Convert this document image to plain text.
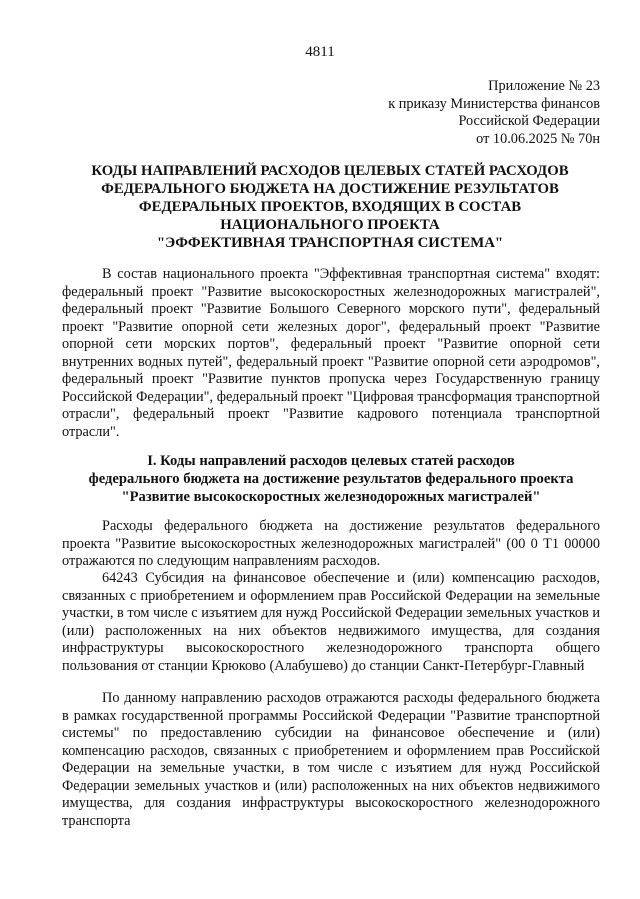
4811
Приложение № 23
к приказу Министерства финансов
Российской Федерации
от 10.06.2025 № 70н
КОДЫ НАПРАВЛЕНИЙ РАСХОДОВ ЦЕЛЕВЫХ СТАТЕЙ РАСХОДОВ
ФЕДЕРАЛЬНОГО БЮДЖЕТА НА ДОСТИЖЕНИЕ РЕЗУЛЬТАТОВ
ФЕДЕРАЛЬНЫХ ПРОЕКТОВ, ВХОДЯЩИХ В СОСТАВ
НАЦИОНАЛЬНОГО ПРОЕКТА
"ЭФФЕКТИВНАЯ ТРАНСПОРТНАЯ СИСТЕМА"

В состав национального проекта "Эффективная транспортная система" входят: федеральный проект "Развитие высокоскоростных железнодорожных магистралей", федеральный проект "Развитие Большого Северного морского пути", федеральный проект "Развитие опорной сети железных дорог", федеральный проект "Развитие опорной сети морских портов", федеральный проект "Развитие опорной сети внутренних водных путей", федеральный проект "Развитие опорной сети аэродромов", федеральный проект "Развитие пунктов пропуска через Государственную границу Российской Федерации", федеральный проект "Цифровая трансформация транспортной отрасли", федеральный проект "Развитие кадрового потенциала транспортной отрасли".

I. Коды направлений расходов целевых статей расходов
федерального бюджета на достижение результатов федерального проекта
"Развитие высокоскоростных железнодорожных магистралей"

Расходы федерального бюджета на достижение результатов федерального проекта "Развитие высокоскоростных железнодорожных магистралей" (00 0 Т1 00000 отражаются по следующим направлениям расходов.

64243 Субсидия на финансовое обеспечение и (или) компенсацию расходов, связанных с приобретением и оформлением прав Российской Федерации на земельные участки, в том числе с изъятием для нужд Российской Федерации земельных участков и (или) расположенных на них объектов недвижимого имущества, для создания инфраструктуры высокоскоростного железнодорожного транспорта общего пользования от станции Крюково (Алабушево) до станции Санкт-Петербург-Главный

По данному направлению расходов отражаются расходы федерального бюджета в рамках государственной программы Российской Федерации "Развитие транспортной системы" по предоставлению субсидии на финансовое обеспечение и (или) компенсацию расходов, связанных с приобретением и оформлением прав Российской Федерации на земельные участки, в том числе с изъятием для нужд Российской Федерации земельных участков и (или) расположенных на них объектов недвижимого имущества, для создания инфраструктуры высокоскоростного железнодорожного транспорта
